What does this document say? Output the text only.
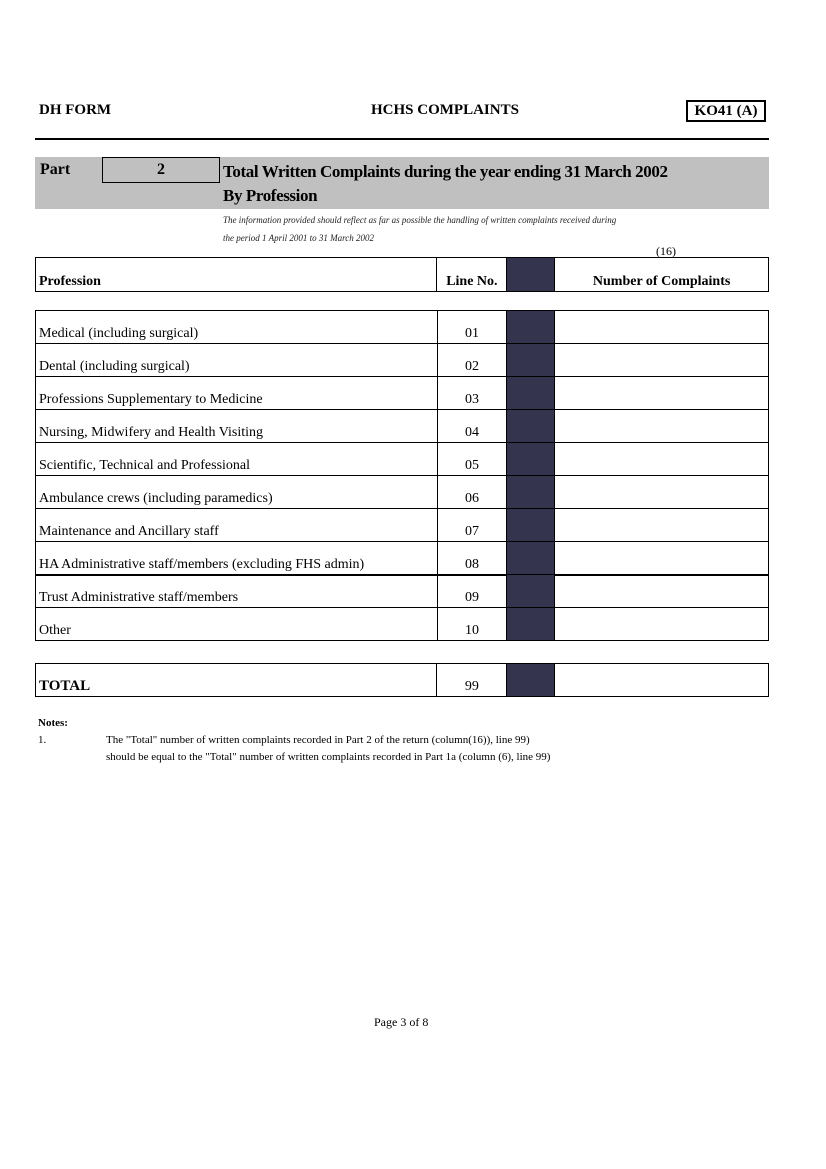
DH FORM	HCHS COMPLAINTS	KO41 (A)
Part	2	Total Written Complaints during the year ending 31 March 2002
By Profession
The information provided should reflect as far as possible the handling of written complaints received during
the period 1 April 2001 to 31 March 2002
(16)
Profession	Line No.		Number of Complaints
Medical (including surgical)	01		
Dental (including surgical)	02		
Professions Supplementary to Medicine	03		
Nursing, Midwifery and Health Visiting	04		
Scientific, Technical and Professional	05		
Ambulance crews (including paramedics)	06		
Maintenance and Ancillary staff	07		
HA Administrative staff/members (excluding FHS admin)	08		
Trust Administrative staff/members	09		
Other	10		
TOTAL	99		
Notes:
1.	The "Total" number of written complaints recorded in Part 2 of the return (column(16)), line 99)
should be equal to the "Total" number of written complaints recorded in Part 1a (column (6), line 99)
Page 3 of 8
